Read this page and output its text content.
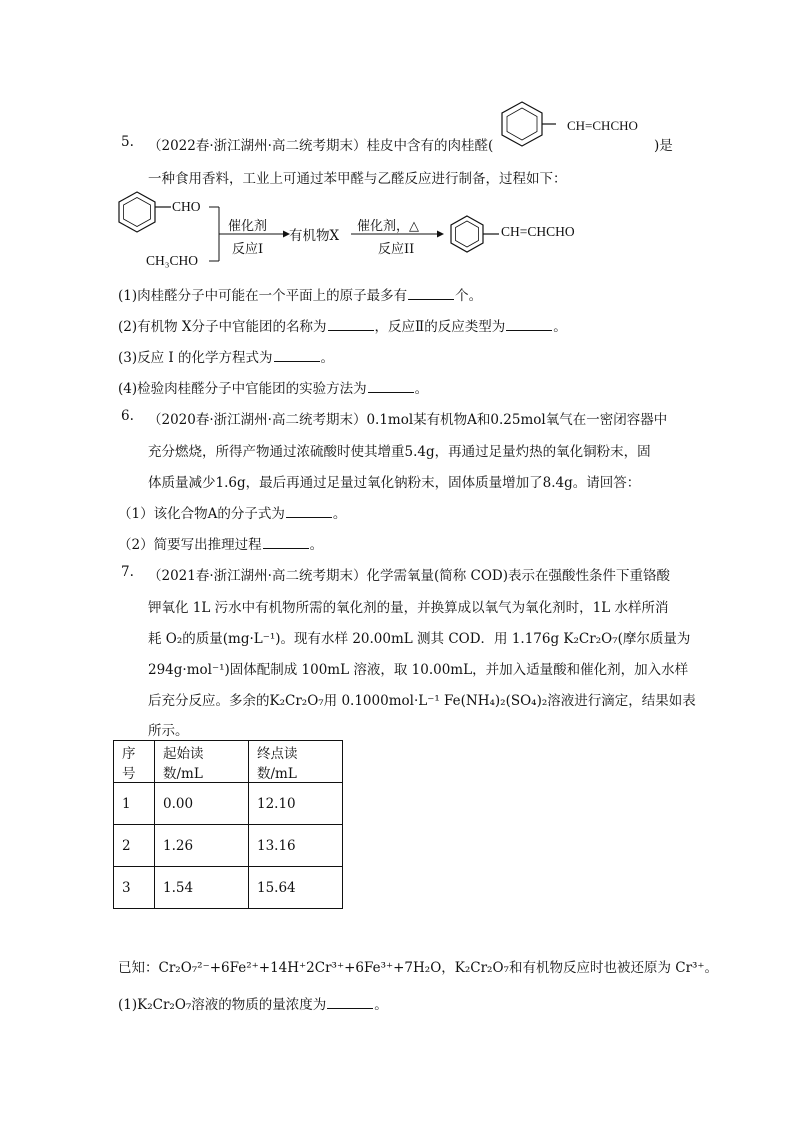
5. （2022春·浙江湖州·高二统考期末）桂皮中含有的肉桂醛(
CH=CHCHO
)是
一种食用香料，工业上可通过苯甲醛与乙醛反应进行制备，过程如下：
CHO
CH₃CHO
催化剂
反应I
有机物X
催化剂，△
反应II
CH=CHCHO
(1)肉桂醛分子中可能在一个平面上的原子最多有	个。
(2)有机物 X分子中官能团的名称为	，反应Ⅱ的反应类型为	。
(3)反应 I 的化学方程式为	。
(4)检验肉桂醛分子中官能团的实验方法为	。
6. （2020春·浙江湖州·高二统考期末）0.1mol某有机物A和0.25mol氧气在一密闭容器中
充分燃烧，所得产物通过浓硫酸时使其增重5.4g，再通过足量灼热的氧化铜粉末，固
体质量减少1.6g，最后再通过足量过氧化钠粉末，固体质量增加了8.4g。请回答：
（1）该化合物A的分子式为	。
（2）简要写出推理过程	。
7. （2021春·浙江湖州·高二统考期末）化学需氧量(简称 COD)表示在强酸性条件下重铬酸
钾氧化 1L 污水中有机物所需的氧化剂的量，并换算成以氧气为氧化剂时，1L 水样所消
耗 O₂的质量(mg·L⁻¹)。现有水样 20.00mL 测其 COD．用 1.176g K₂Cr₂O₇(摩尔质量为
294g·mol⁻¹)固体配制成 100mL 溶液，取 10.00mL，并加入适量酸和催化剂，加入水样
后充分反应。多余的K₂Cr₂O₇用 0.1000mol·L⁻¹ Fe(NH₄)₂(SO₄)₂溶液进行滴定，结果如表
所示。
序号	起始读数/mL	终点读数/mL
1	0.00	12.10
2	1.26	13.16
3	1.54	15.64
已知：Cr₂O₇²⁻+6Fe²⁺+14H⁺2Cr³⁺+6Fe³⁺+7H₂O，K₂Cr₂O₇和有机物反应时也被还原为 Cr³⁺。
(1)K₂Cr₂O₇溶液的物质的量浓度为	。
